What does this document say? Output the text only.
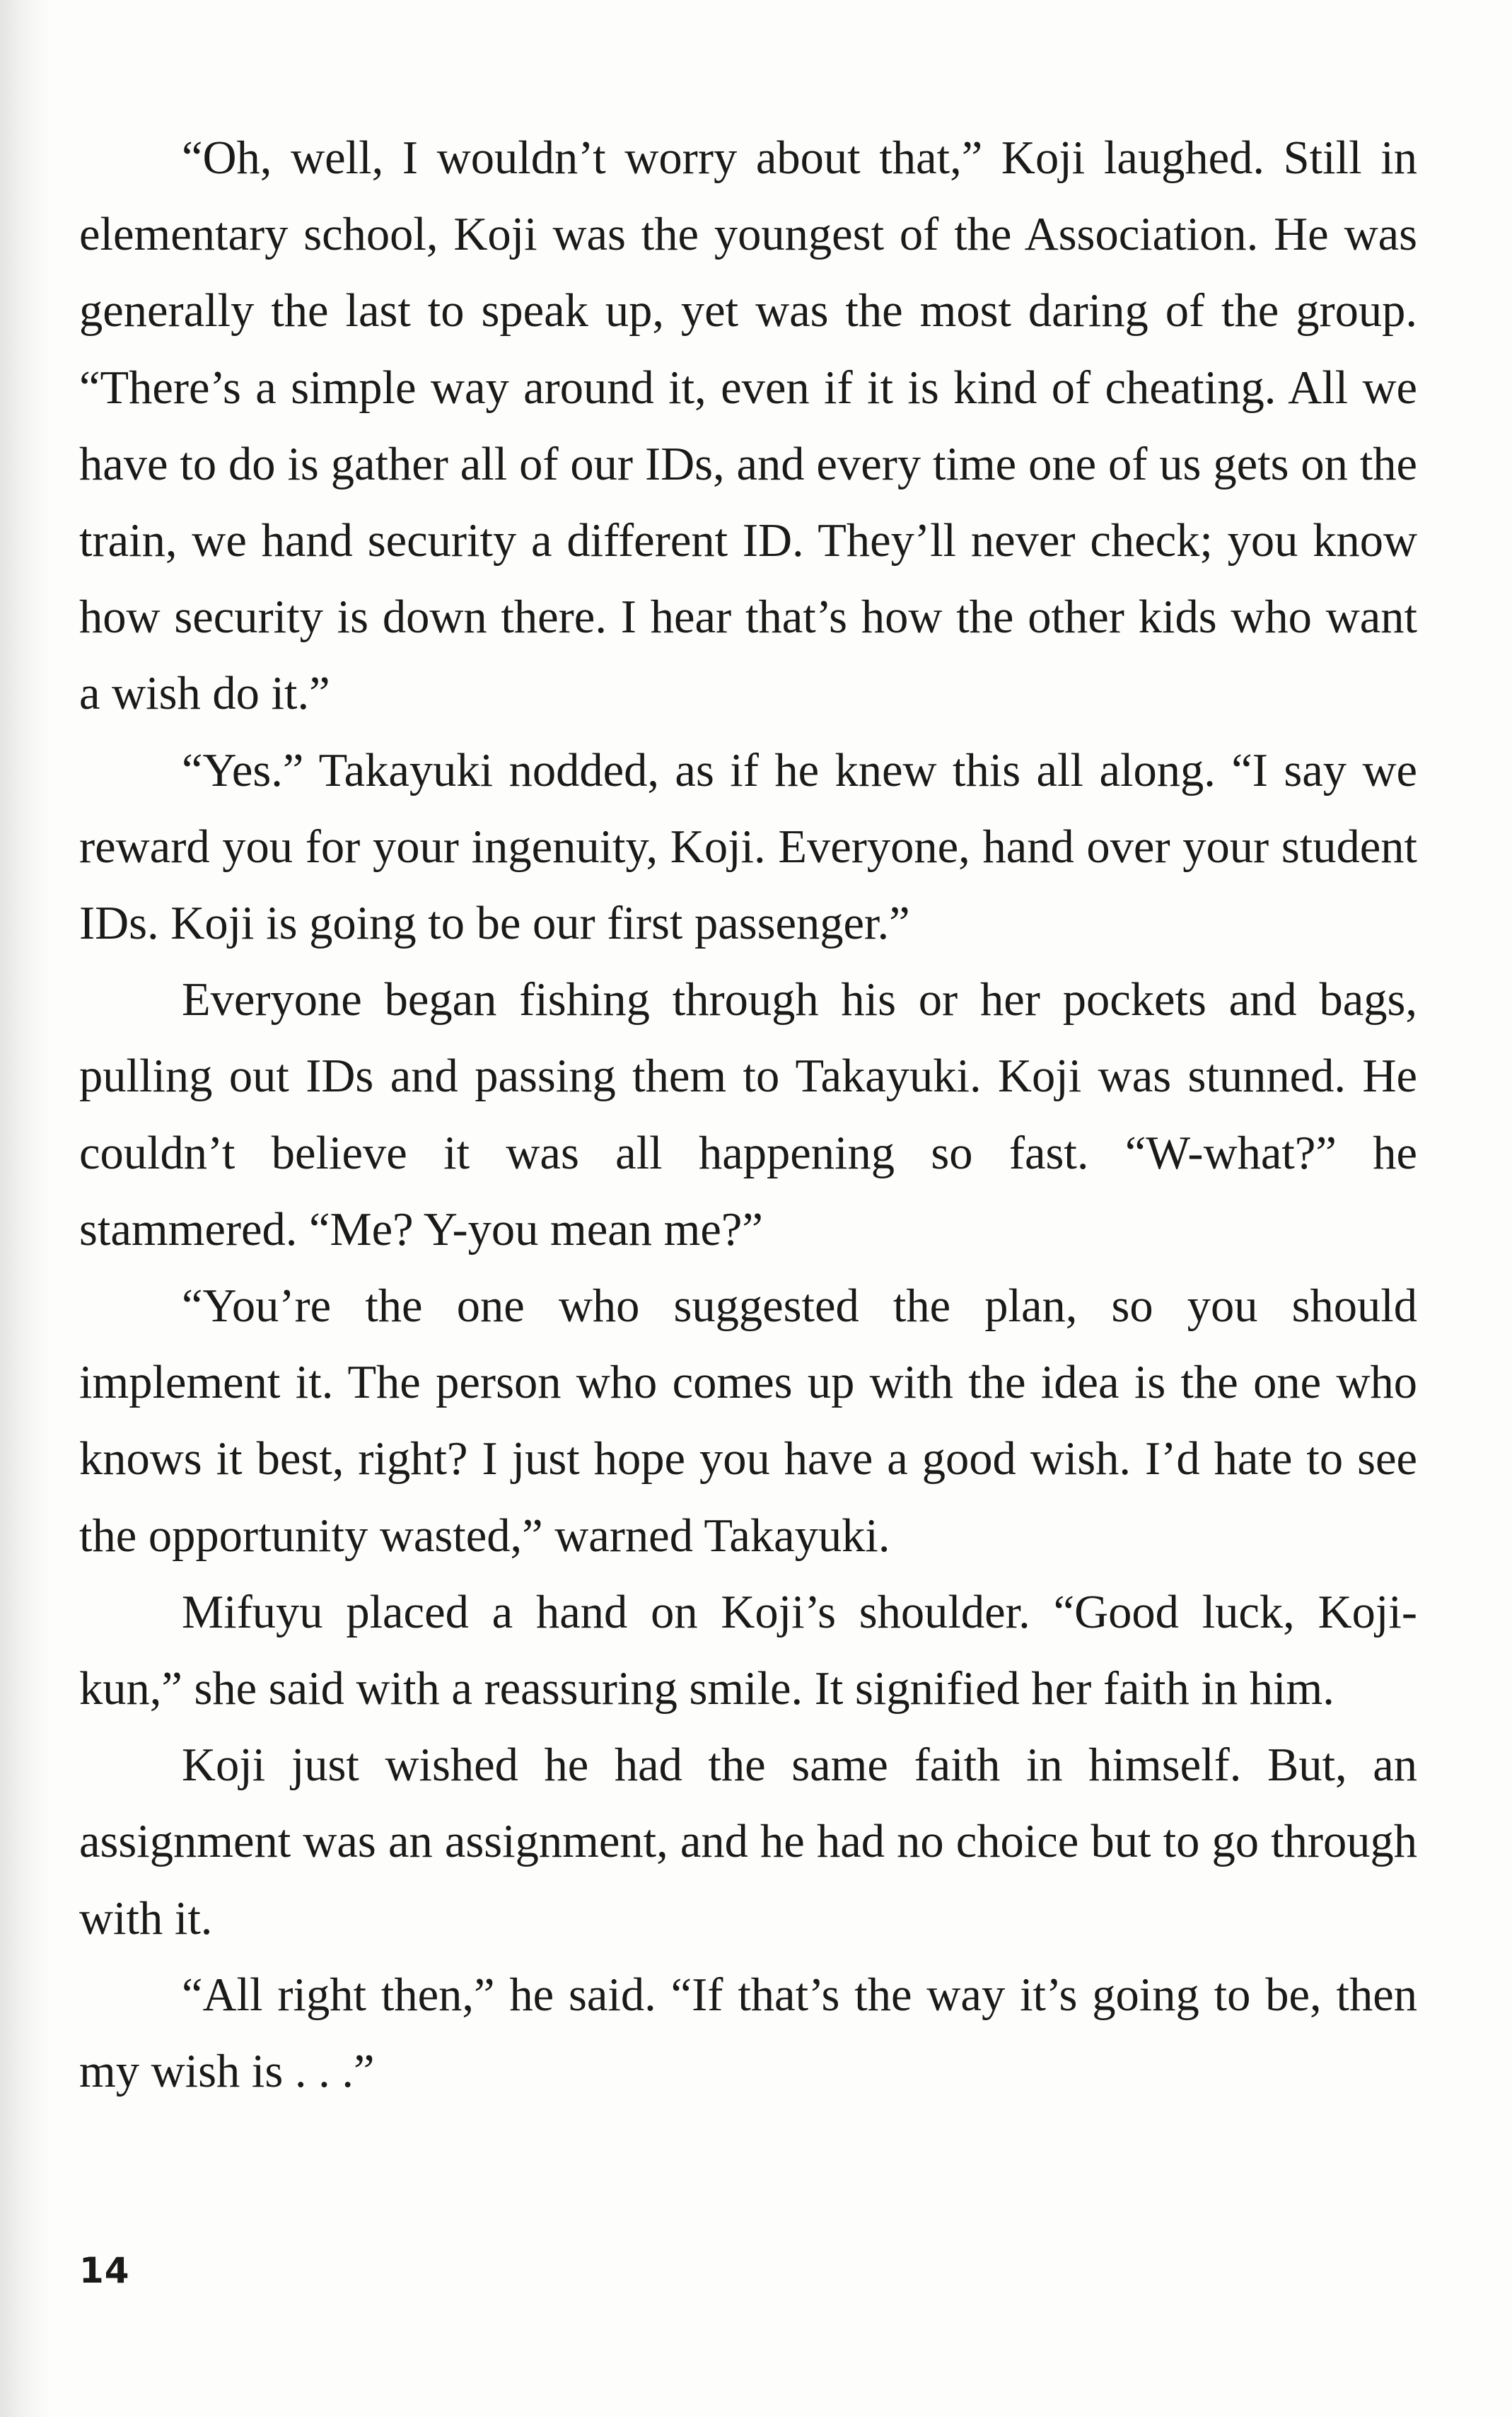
“Oh, well, I wouldn’t worry about that,” Koji laughed. Still in elementary school, Koji was the youngest of the Association. He was generally the last to speak up, yet was the most daring of the group. “There’s a simple way around it, even if it is kind of cheating. All we have to do is gather all of our IDs, and every time one of us gets on the train, we hand security a different ID. They’ll never check; you know how security is down there. I hear that’s how the other kids who want a wish do it.”

“Yes.” Takayuki nodded, as if he knew this all along. “I say we reward you for your ingenuity, Koji. Everyone, hand over your student IDs. Koji is going to be our first passenger.”

Everyone began fishing through his or her pockets and bags, pulling out IDs and passing them to Takayuki. Koji was stunned. He couldn’t believe it was all happening so fast. “W-what?” he stammered. “Me? Y-you mean me?”

“You’re the one who suggested the plan, so you should implement it. The person who comes up with the idea is the one who knows it best, right? I just hope you have a good wish. I’d hate to see the opportunity wasted,” warned Takayuki.

Mifuyu placed a hand on Koji’s shoulder. “Good luck, Koji-kun,” she said with a reassuring smile. It signified her faith in him.

Koji just wished he had the same faith in himself. But, an assignment was an assignment, and he had no choice but to go through with it.

“All right then,” he said. “If that’s the way it’s going to be, then my wish is . . .”

14
